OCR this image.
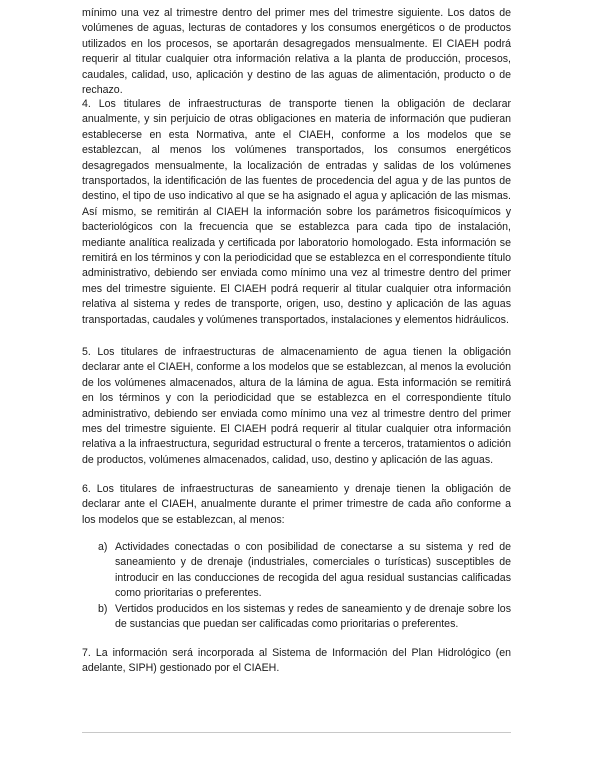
mínimo una vez al trimestre dentro del primer mes del trimestre siguiente. Los datos de volúmenes de aguas, lecturas de contadores y los consumos energéticos o de productos utilizados en los procesos, se aportarán desagregados mensualmente. El CIAEH podrá requerir al titular cualquier otra información relativa a la planta de producción, procesos, caudales, calidad, uso, aplicación y destino de las aguas de alimentación, producto o de rechazo.

4. Los titulares de infraestructuras de transporte tienen la obligación de declarar anualmente, y sin perjuicio de otras obligaciones en materia de información que pudieran establecerse en esta Normativa, ante el CIAEH, conforme a los modelos que se establezcan, al menos los volúmenes transportados, los consumos energéticos desagregados mensualmente, la localización de entradas y salidas de los volúmenes transportados, la identificación de las fuentes de procedencia del agua y de las puntos de destino, el tipo de uso indicativo al que se ha asignado el agua y aplicación de las mismas. Así mismo, se remitirán al CIAEH la información sobre los parámetros fisicoquímicos y bacteriológicos con la frecuencia que se establezca para cada tipo de instalación, mediante analítica realizada y certificada por laboratorio homologado. Esta información se remitirá en los términos y con la periodicidad que se establezca en el correspondiente título administrativo, debiendo ser enviada como mínimo una vez al trimestre dentro del primer mes del trimestre siguiente. El CIAEH podrá requerir al titular cualquier otra información relativa al sistema y redes de transporte, origen, uso, destino y aplicación de las aguas transportadas, caudales y volúmenes transportados, instalaciones y elementos hidráulicos.

5. Los titulares de infraestructuras de almacenamiento de agua tienen la obligación declarar ante el CIAEH, conforme a los modelos que se establezcan, al menos la evolución de los volúmenes almacenados, altura de la lámina de agua. Esta información se remitirá en los términos y con la periodicidad que se establezca en el correspondiente título administrativo, debiendo ser enviada como mínimo una vez al trimestre dentro del primer mes del trimestre siguiente. El CIAEH podrá requerir al titular cualquier otra información relativa a la infraestructura, seguridad estructural o frente a terceros, tratamientos o adición de productos, volúmenes almacenados, calidad, uso, destino y aplicación de las aguas.

6. Los titulares de infraestructuras de saneamiento y drenaje tienen la obligación de declarar ante el CIAEH, anualmente durante el primer trimestre de cada año conforme a los modelos que se establezcan, al menos:

a) Actividades conectadas o con posibilidad de conectarse a su sistema y red de saneamiento y de drenaje (industriales, comerciales o turísticas) susceptibles de introducir en las conducciones de recogida del agua residual sustancias calificadas como prioritarias o preferentes.
b) Vertidos producidos en los sistemas y redes de saneamiento y de drenaje sobre los de sustancias que puedan ser calificadas como prioritarias o preferentes.

7. La información será incorporada al Sistema de Información del Plan Hidrológico (en adelante, SIPH) gestionado por el CIAEH.
